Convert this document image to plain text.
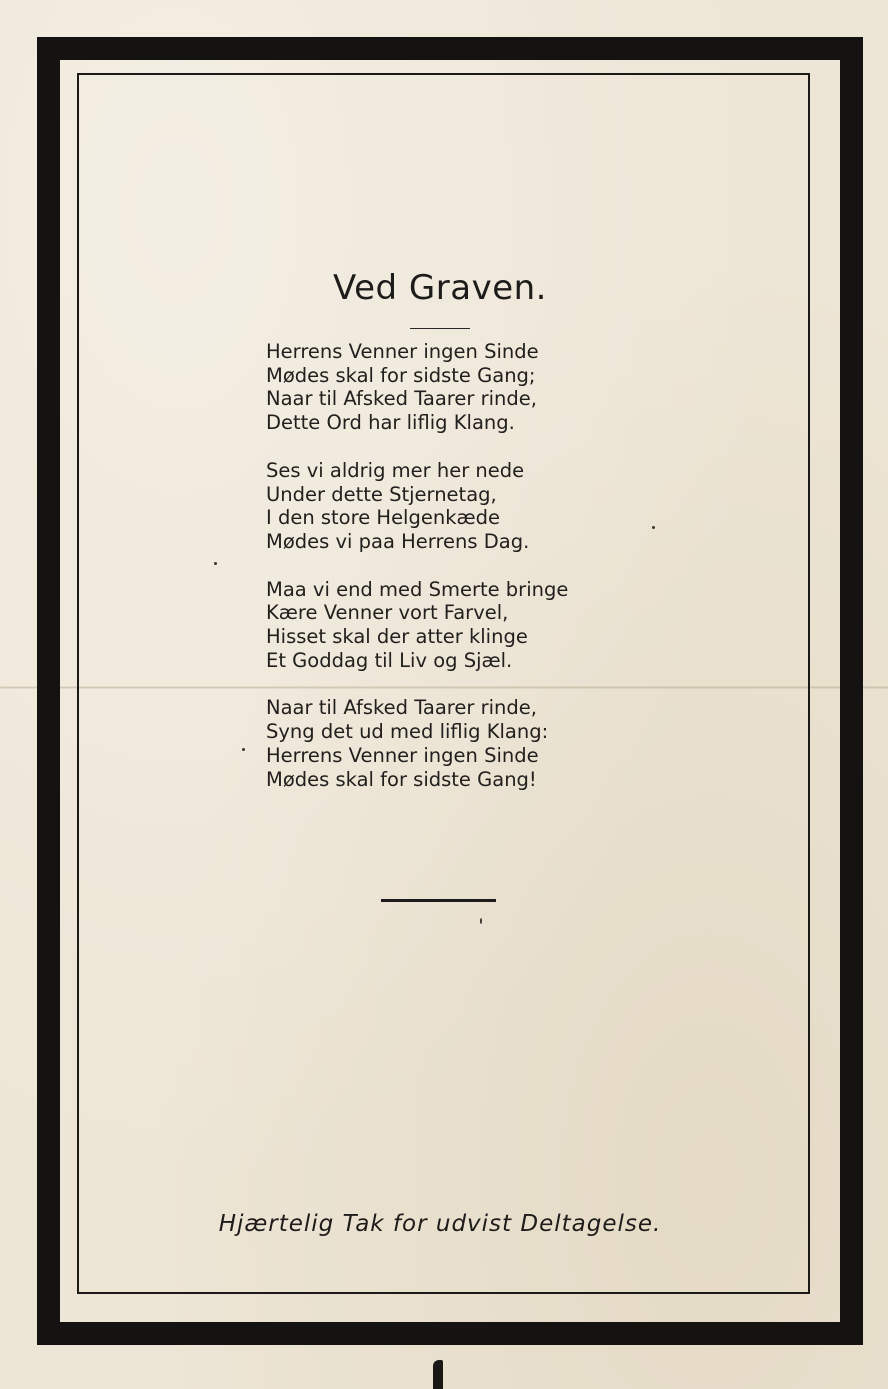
Ved Graven.
Herrens Venner ingen Sinde
Mødes skal for sidste Gang;
Naar til Afsked Taarer rinde,
Dette Ord har liflig Klang.
Ses vi aldrig mer her nede
Under dette Stjernetag,
I den store Helgenkæde
Mødes vi paa Herrens Dag.
Maa vi end med Smerte bringe
Kære Venner vort Farvel,
Hisset skal der atter klinge
Et Goddag til Liv og Sjæl.
Naar til Afsked Taarer rinde,
Syng det ud med liflig Klang:
Herrens Venner ingen Sinde
Mødes skal for sidste Gang!
Hjærtelig Tak for udvist Deltagelse.
